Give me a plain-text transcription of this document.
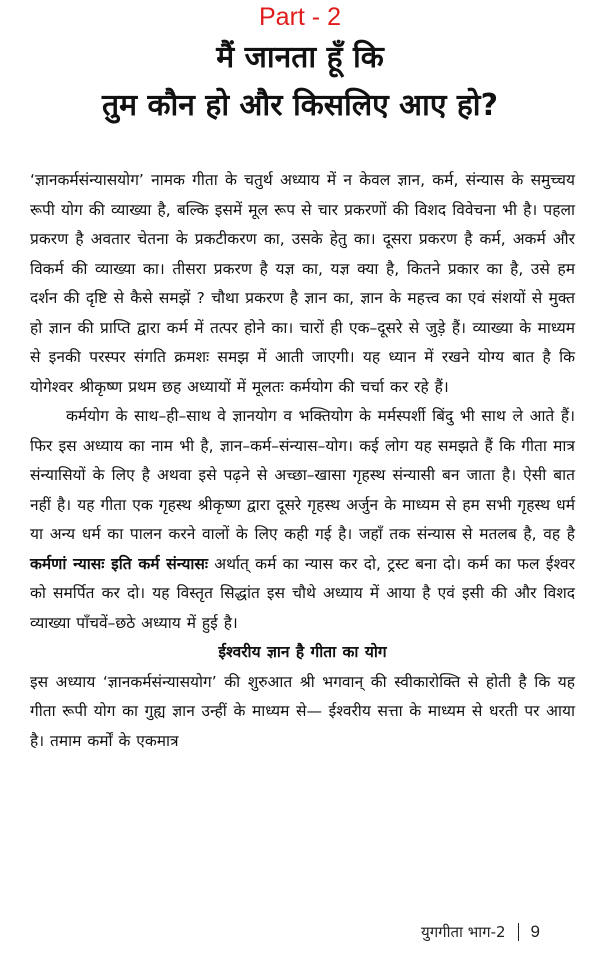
Part - 2
मैं जानता हूँ कि
तुम कौन हो और किसलिए आए हो?

‘ज्ञानकर्मसंन्यासयोग’ नामक गीता के चतुर्थ अध्याय में न केवल ज्ञान, कर्म, संन्यास के समुच्चय रूपी योग की व्याख्या है, बल्कि इसमें मूल रूप से चार प्रकरणों की विशद विवेचना भी है। पहला प्रकरण है अवतार चेतना के प्रकटीकरण का, उसके हेतु का। दूसरा प्रकरण है कर्म, अकर्म और विकर्म की व्याख्या का। तीसरा प्रकरण है यज्ञ का, यज्ञ क्या है, कितने प्रकार का है, उसे हम दर्शन की दृष्टि से कैसे समझें ? चौथा प्रकरण है ज्ञान का, ज्ञान के महत्त्व का एवं संशयों से मुक्त हो ज्ञान की प्राप्ति द्वारा कर्म में तत्पर होने का। चारों ही एक–दूसरे से जुड़े हैं। व्याख्या के माध्यम से इनकी परस्पर संगति क्रमशः समझ में आती जाएगी। यह ध्यान में रखने योग्य बात है कि योगेश्वर श्रीकृष्ण प्रथम छह अध्यायों में मूलतः कर्मयोग की चर्चा कर रहे हैं।

कर्मयोग के साथ–ही–साथ वे ज्ञानयोग व भक्तियोग के मर्मस्पर्शी बिंदु भी साथ ले आते हैं। फिर इस अध्याय का नाम भी है, ज्ञान–कर्म–संन्यास–योग। कई लोग यह समझते हैं कि गीता मात्र संन्यासियों के लिए है अथवा इसे पढ़ने से अच्छा–खासा गृहस्थ संन्यासी बन जाता है। ऐसी बात नहीं है। यह गीता एक गृहस्थ श्रीकृष्ण द्वारा दूसरे गृहस्थ अर्जुन के माध्यम से हम सभी गृहस्थ धर्म या अन्य धर्म का पालन करने वालों के लिए कही गई है। जहाँ तक संन्यास से मतलब है, वह है कर्मणां न्यासः इति कर्म संन्यासः अर्थात् कर्म का न्यास कर दो, ट्रस्ट बना दो। कर्म का फल ईश्वर को समर्पित कर दो। यह विस्तृत सिद्धांत इस चौथे अध्याय में आया है एवं इसी की और विशद व्याख्या पाँचवें–छठे अध्याय में हुई है।

ईश्वरीय ज्ञान है गीता का योग

इस अध्याय ‘ज्ञानकर्मसंन्यासयोग’ की शुरुआत श्री भगवान् की स्वीकारोक्ति से होती है कि यह गीता रूपी योग का गुह्य ज्ञान उन्हीं के माध्यम से— ईश्वरीय सत्ता के माध्यम से धरती पर आया है। तमाम कर्मों के एकमात्र

युगगीता भाग-2 9
